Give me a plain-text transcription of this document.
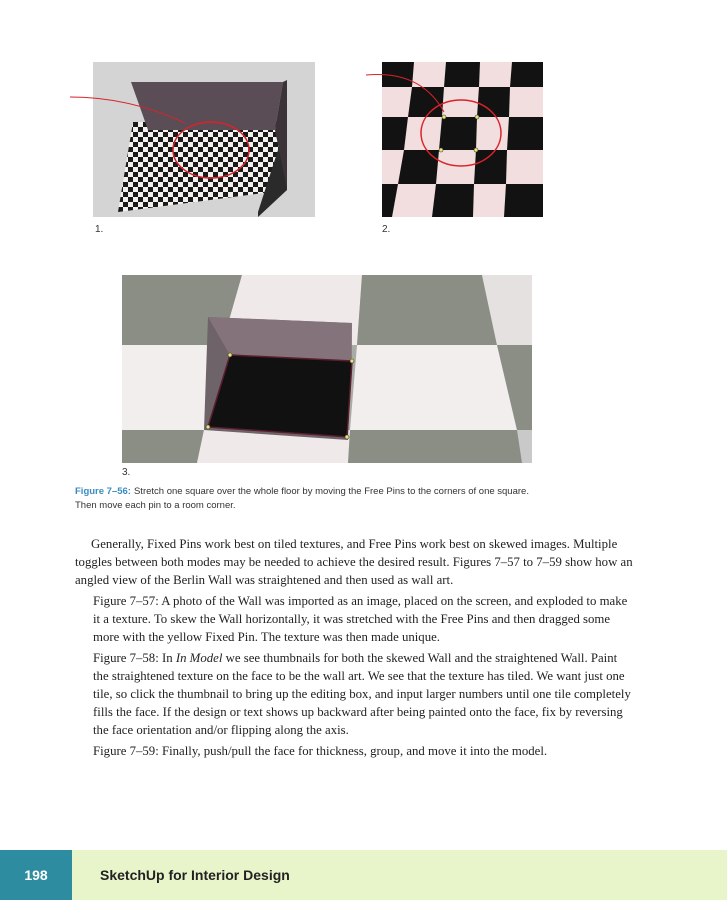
1.	2.
3.
Figure 7–56: Stretch one square over the whole floor by moving the Free Pins to the corners of one square. Then move each pin to a room corner.

Generally, Fixed Pins work best on tiled textures, and Free Pins work best on skewed images. Multiple toggles between both modes may be needed to achieve the desired result. Figures 7–57 to 7–59 show how an angled view of the Berlin Wall was straightened and then used as wall art.

Figure 7–57: A photo of the Wall was imported as an image, placed on the screen, and exploded to make it a texture. To skew the Wall horizontally, it was stretched with the Free Pins and then dragged some more with the yellow Fixed Pin. The texture was then made unique.

Figure 7–58: In In Model we see thumbnails for both the skewed Wall and the straightened Wall. Paint the straightened texture on the face to be the wall art. We see that the texture has tiled. We want just one tile, so click the thumbnail to bring up the editing box, and input larger numbers until one tile completely fills the face. If the design or text shows up backward after being painted onto the face, fix by reversing the face orientation and/or flipping along the axis.

Figure 7–59: Finally, push/pull the face for thickness, group, and move it into the model.

198	SketchUp for Interior Design
